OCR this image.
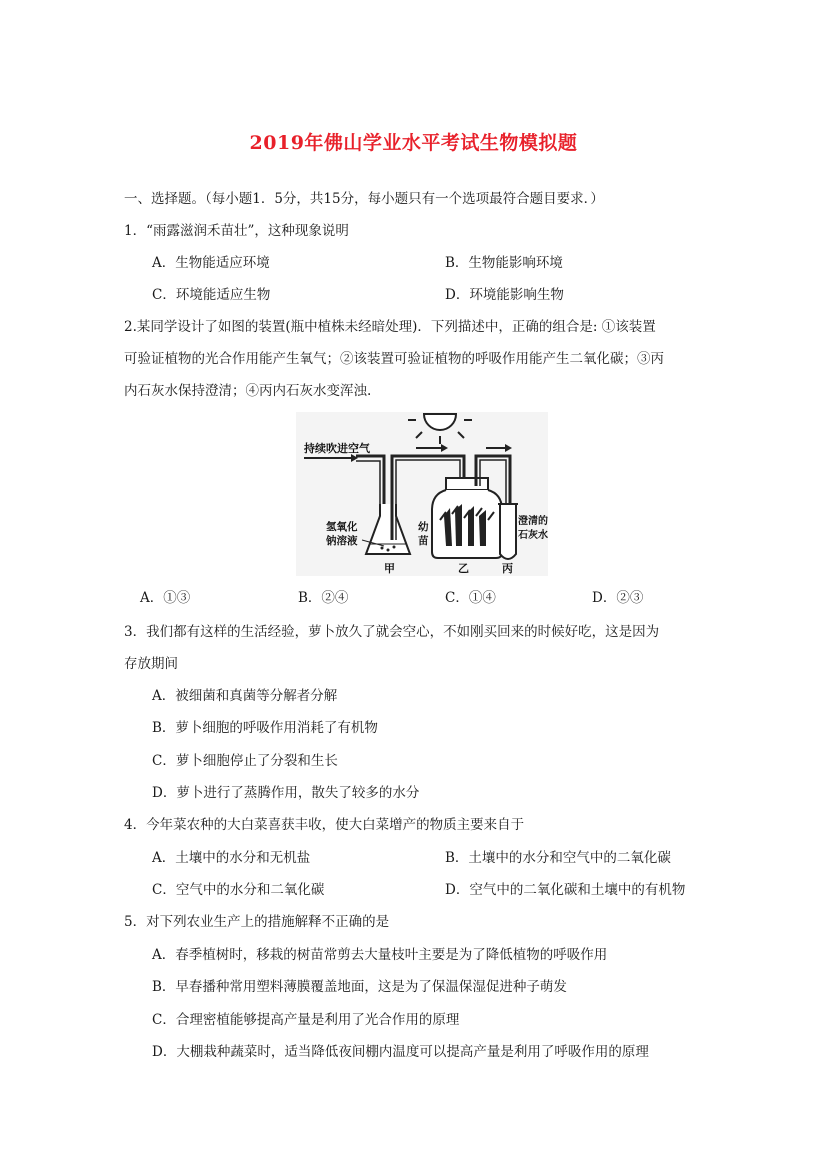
2019年佛山学业水平考试生物模拟题
一、选择题。（每小题1．5分，共15分，每小题只有一个选项最符合题目要求．）
1．“雨露滋润禾苗壮”，这种现象说明
A．生物能适应环境	B．生物能影响环境
C．环境能适应生物	D．环境能影响生物
2.某同学设计了如图的装置(瓶中植株未经暗处理)．下列描述中，正确的组合是: ①该装置
可验证植物的光合作用能产生氧气；②该装置可验证植物的呼吸作用能产生二氧化碳；③丙
内石灰水保持澄清；④丙内石灰水变浑浊.
持续吹进空气
氢氧化
钠溶液
幼
苗
澄清的
石灰水
甲	乙	丙
A．①③	B．②④	C．①④	D．②③
3．我们都有这样的生活经验，萝卜放久了就会空心，不如刚买回来的时候好吃，这是因为
存放期间
A．被细菌和真菌等分解者分解
B．萝卜细胞的呼吸作用消耗了有机物
C．萝卜细胞停止了分裂和生长
D．萝卜进行了蒸腾作用，散失了较多的水分
4．今年菜农种的大白菜喜获丰收，使大白菜增产的物质主要来自于
A．土壤中的水分和无机盐	B．土壤中的水分和空气中的二氧化碳
C．空气中的水分和二氧化碳	D．空气中的二氧化碳和土壤中的有机物
5．对下列农业生产上的措施解释不正确的是
A．春季植树时，移栽的树苗常剪去大量枝叶主要是为了降低植物的呼吸作用
B．早春播种常用塑料薄膜覆盖地面，这是为了保温保湿促进种子萌发
C．合理密植能够提高产量是利用了光合作用的原理
D．大棚栽种蔬菜时，适当降低夜间棚内温度可以提高产量是利用了呼吸作用的原理
